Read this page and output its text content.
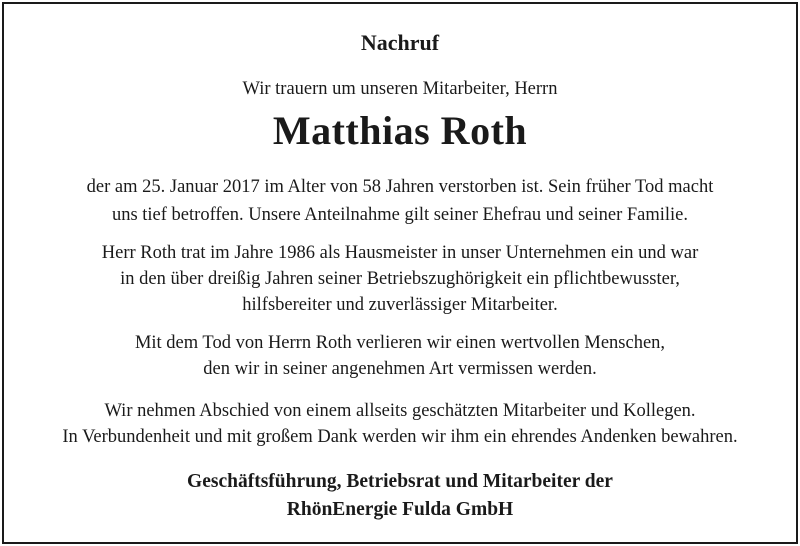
Nachruf
Wir trauern um unseren Mitarbeiter, Herrn
Matthias Roth
der am 25. Januar 2017 im Alter von 58 Jahren verstorben ist. Sein früher Tod macht
uns tief betroffen. Unsere Anteilnahme gilt seiner Ehefrau und seiner Familie.
Herr Roth trat im Jahre 1986 als Hausmeister in unser Unternehmen ein und war
in den über dreißig Jahren seiner Betriebszughörigkeit ein pflichtbewusster,
hilfsbereiter und zuverlässiger Mitarbeiter.
Mit dem Tod von Herrn Roth verlieren wir einen wertvollen Menschen,
den wir in seiner angenehmen Art vermissen werden.
Wir nehmen Abschied von einem allseits geschätzten Mitarbeiter und Kollegen.
In Verbundenheit und mit großem Dank werden wir ihm ein ehrendes Andenken bewahren.
Geschäftsführung, Betriebsrat und Mitarbeiter der
RhönEnergie Fulda GmbH
